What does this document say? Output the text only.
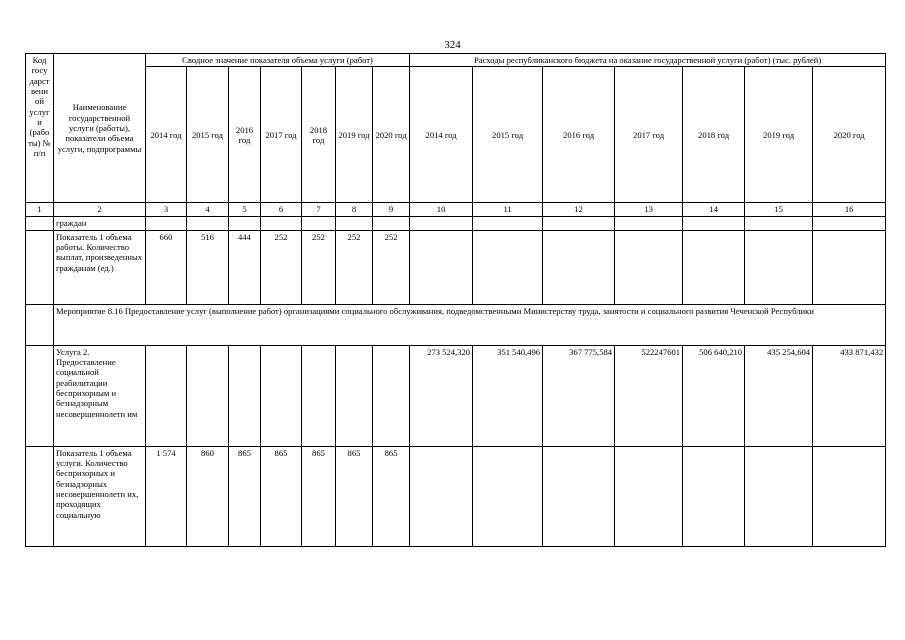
324
Код госу дарст вени ой услуг и (рабо ты) № п/п	Наименование государственной услуги (работы), показатели объема услуги, подпрограммы	Сводное значение показателя объема услуги (работ)							Расходы республиканского бюджета на оказание государственной услуги (работ) (тыс. рублей)						
		2014 год	2015 год	2016 год	2017 год	2018 год	2019 год	2020 год	2014 год	2015 год	2016 год	2017 год	2018 год	2019 год	2020 год
1	2	3	4	5	6	7	8	9	10	11	12	13	14	15	16
	граждан														
	Показатель 1 объема работы. Количество выплат, произведенных гражданам (ед.)	660	516	444	252	252	252	252							
	Мероприятие 8.16 Предоставление услуг (выполнение работ) организациями социального обслуживания, подведомственными Министерству труда, занятости и социального развития Чеченской Республики														
	Услуга 2. Предоставление социальной реабилитации беспризорным и безнадзорным несовершеннолетн им								273 524,320	351 540,496	367 775,584	522247601	506 640,210	435 254,604	433 871,432
	Показатель 1 объема услуги. Количество беспризорных и безнадзорных несовершеннолетн их, проходящих социальную	1 574	860	865	865	865	865	865							
